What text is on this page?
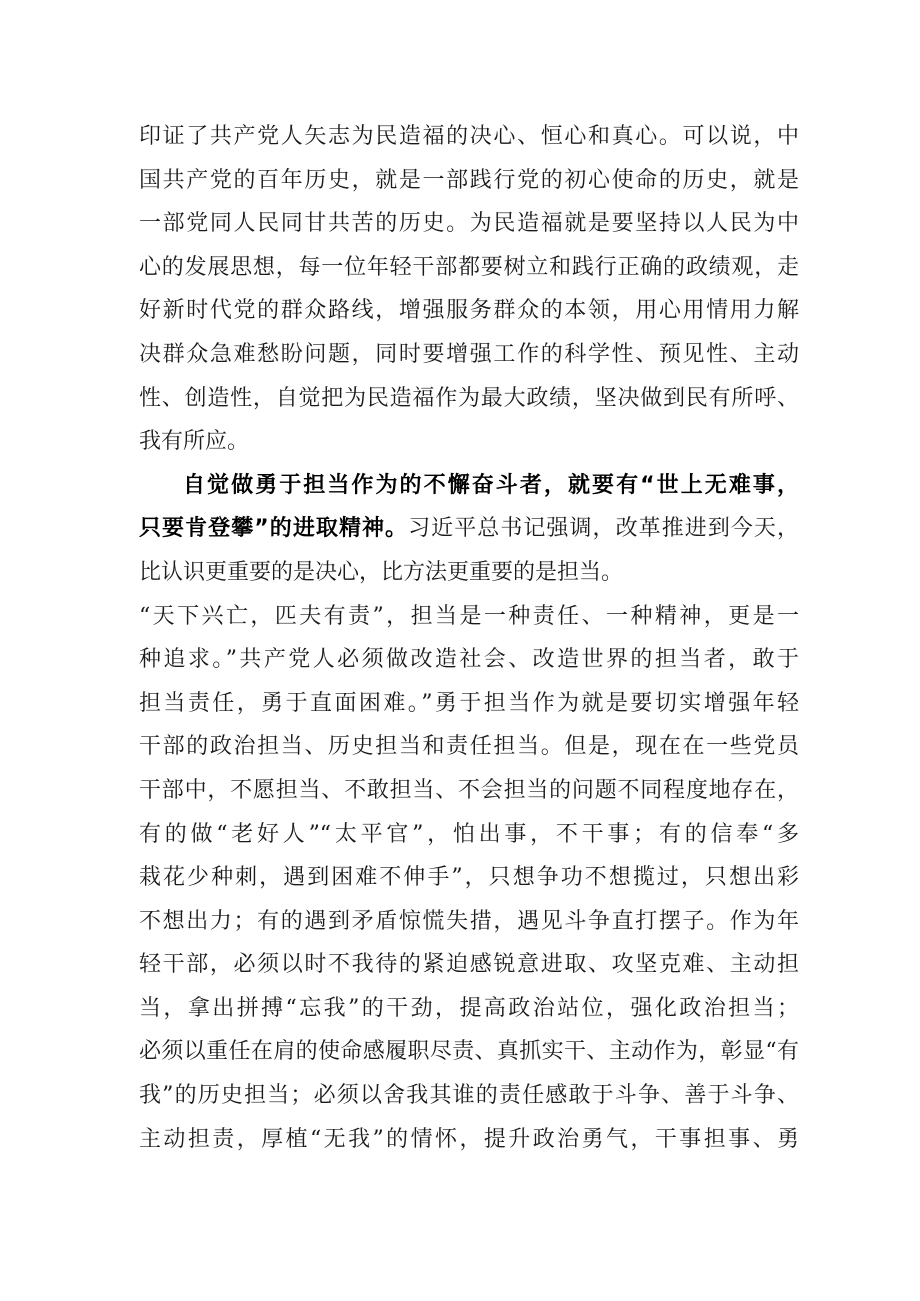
印证了共产党人矢志为民造福的决心、恒心和真心。可以说，中
国共产党的百年历史，就是一部践行党的初心使命的历史，就是
一部党同人民同甘共苦的历史。为民造福就是要坚持以人民为中
心的发展思想，每一位年轻干部都要树立和践行正确的政绩观，走
好新时代党的群众路线，增强服务群众的本领，用心用情用力解
决群众急难愁盼问题，同时要增强工作的科学性、预见性、主动
性、创造性，自觉把为民造福作为最大政绩，坚决做到民有所呼、
我有所应。
自觉做勇于担当作为的不懈奋斗者，就要有“世上无难事，
只要肯登攀”的进取精神。习近平总书记强调，改革推进到今天，
比认识更重要的是决心，比方法更重要的是担当。
“天下兴亡，匹夫有责”，担当是一种责任、一种精神，更是一
种追求。”共产党人必须做改造社会、改造世界的担当者，敢于
担当责任，勇于直面困难。”勇于担当作为就是要切实增强年轻
干部的政治担当、历史担当和责任担当。但是，现在在一些党员
干部中，不愿担当、不敢担当、不会担当的问题不同程度地存在，
有的做“老好人”“太平官”，怕出事，不干事；有的信奉“多
栽花少种刺，遇到困难不伸手”，只想争功不想揽过，只想出彩
不想出力；有的遇到矛盾惊慌失措，遇见斗争直打摆子。作为年
轻干部，必须以时不我待的紧迫感锐意进取、攻坚克难、主动担
当，拿出拼搏“忘我”的干劲，提高政治站位，强化政治担当；
必须以重任在肩的使命感履职尽责、真抓实干、主动作为，彰显“有
我”的历史担当；必须以舍我其谁的责任感敢于斗争、善于斗争、
主动担责，厚植“无我”的情怀，提升政治勇气，干事担事、勇
